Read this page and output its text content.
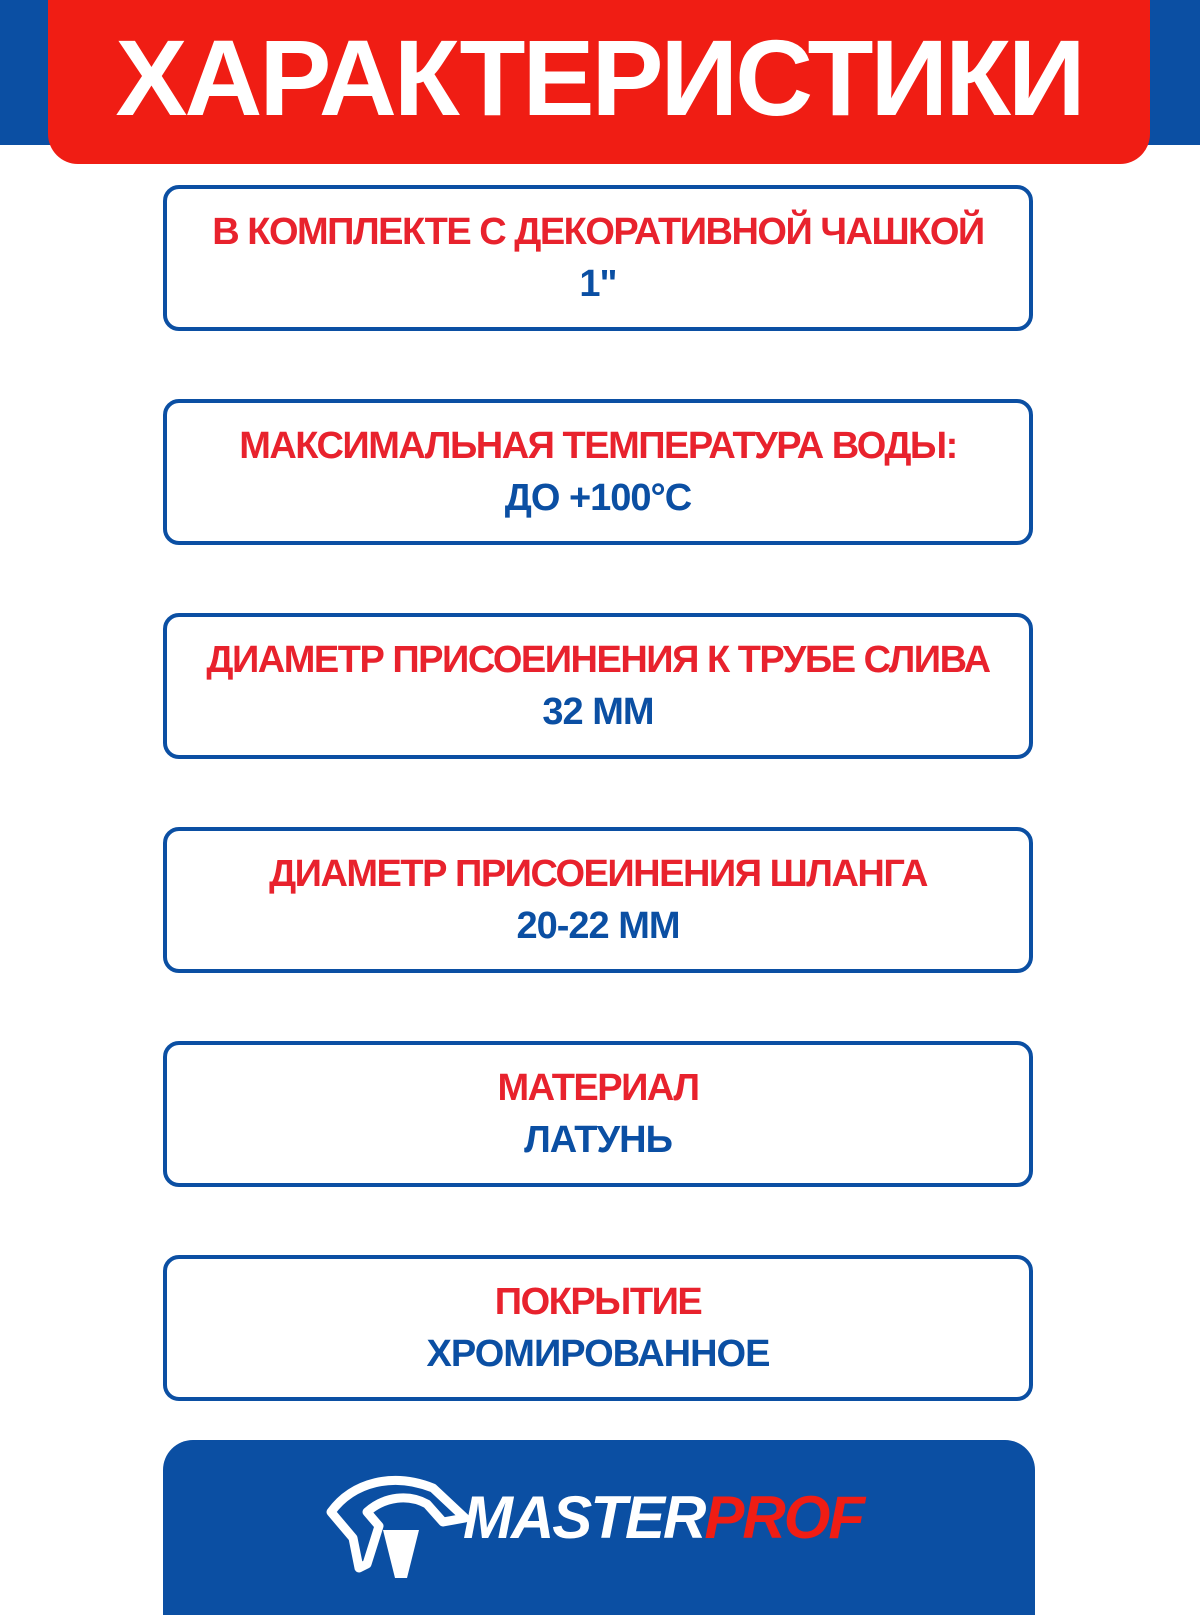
ХАРАКТЕРИСТИКИ
В КОМПЛЕКТЕ С ДЕКОРАТИВНОЙ ЧАШКОЙ
1"
МАКСИМАЛЬНАЯ ТЕМПЕРАТУРА ВОДЫ:
ДО +100°С
ДИАМЕТР ПРИСОЕИНЕНИЯ К ТРУБЕ СЛИВА
32 ММ
ДИАМЕТР ПРИСОЕИНЕНИЯ ШЛАНГА
20-22 ММ
МАТЕРИАЛ
ЛАТУНЬ
ПОКРЫТИЕ
ХРОМИРОВАННОЕ
MASTERPROF
